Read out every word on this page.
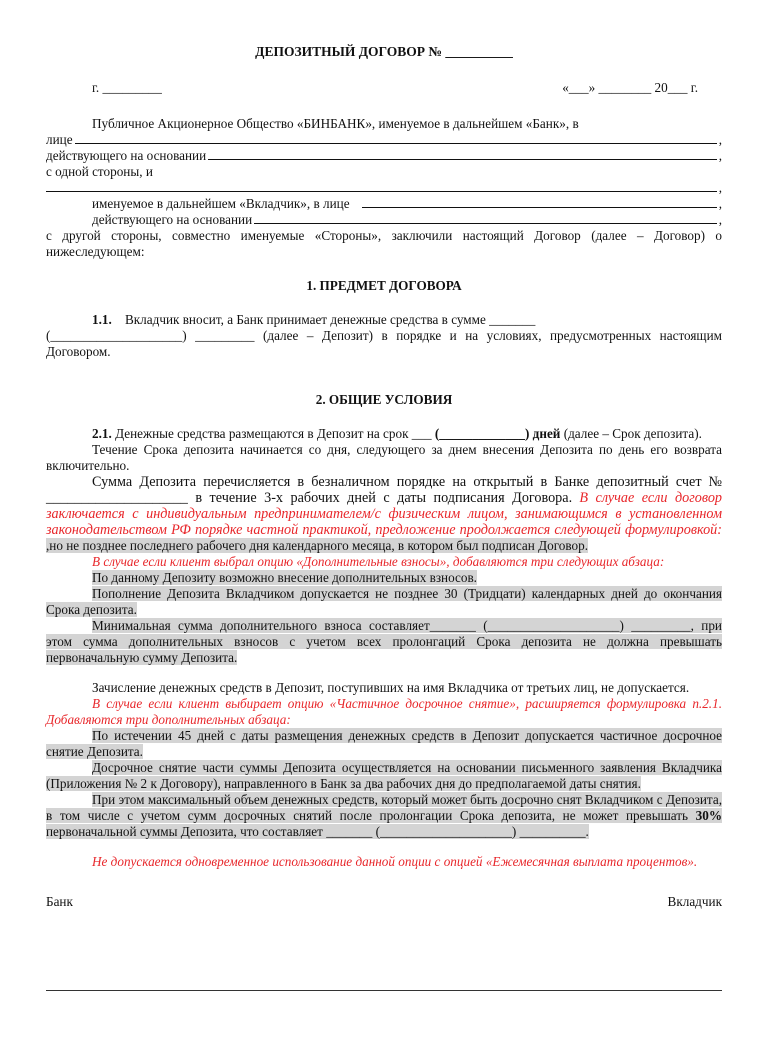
ДЕПОЗИТНЫЙ ДОГОВОР № __________
г. _________	«___» ________ 20___ г.

Публичное Акционерное Общество «БИНБАНК», именуемое в дальнейшем «Банк», в

лице	,
действующего на основании	,

с одной стороны, и

,
именуемое в дальнейшем «Вкладчик», в лице	,
действующего на основании	,

с другой стороны, совместно именуемые «Стороны», заключили настоящий Договор (далее – Договор) о нижеследующем:

1. ПРЕДМЕТ ДОГОВОРА

1.1. Вкладчик вносит, а Банк принимает денежные средства в сумме _______

(____________________) _________ (далее – Депозит) в порядке и на условиях, предусмотренных настоящим Договором.

2. ОБЩИЕ УСЛОВИЯ

2.1. Денежные средства размещаются в Депозит на срок ___ (_____________) дней (далее – Срок депозита).

Течение Срока депозита начинается со дня, следующего за днем внесения Депозита по день его возврата включительно.

Сумма Депозита перечисляется в безналичном порядке на открытый в Банке депозитный счет № ____________________ в течение 3-х рабочих дней с даты подписания Договора. В случае если договор заключается с индивидуальным предпринимателем/с физическим лицом, занимающимся в установленном законодательством РФ порядке частной практикой, предложение продолжается следующей формулировкой: ,но не позднее последнего рабочего дня календарного месяца, в котором был подписан Договор.

В случае если клиент выбрал опцию «Дополнительные взносы», добавляются три следующих абзаца:

По данному Депозиту возможно внесение дополнительных взносов.

Пополнение Депозита Вкладчиком допускается не позднее 30 (Тридцати) календарных дней до окончания Срока депозита.

Минимальная сумма дополнительного взноса составляет_______ (____________________) _________, при этом сумма дополнительных взносов с учетом всех пролонгаций Срока депозита не должна превышать первоначальную сумму Депозита.

Зачисление денежных средств в Депозит, поступивших на имя Вкладчика от третьих лиц, не допускается.

В случае если клиент выбирает опцию «Частичное досрочное снятие», расширяется формулировка п.2.1. Добавляются три дополнительных абзаца:

По истечении 45 дней с даты размещения денежных средств в Депозит допускается частичное досрочное снятие Депозита.

Досрочное снятие части суммы Депозита осуществляется на основании письменного заявления Вкладчика (Приложения № 2 к Договору), направленного в Банк за два рабочих дня до предполагаемой даты снятия.

При этом максимальный объем денежных средств, который может быть досрочно снят Вкладчиком с Депозита, в том числе с учетом сумм досрочных снятий после пролонгации Срока депозита, не может превышать 30% первоначальной суммы Депозита, что составляет _______ (____________________) __________.

Не допускается одновременное использование данной опции с опцией «Ежемесячная выплата процентов».

Банк	Вкладчик
